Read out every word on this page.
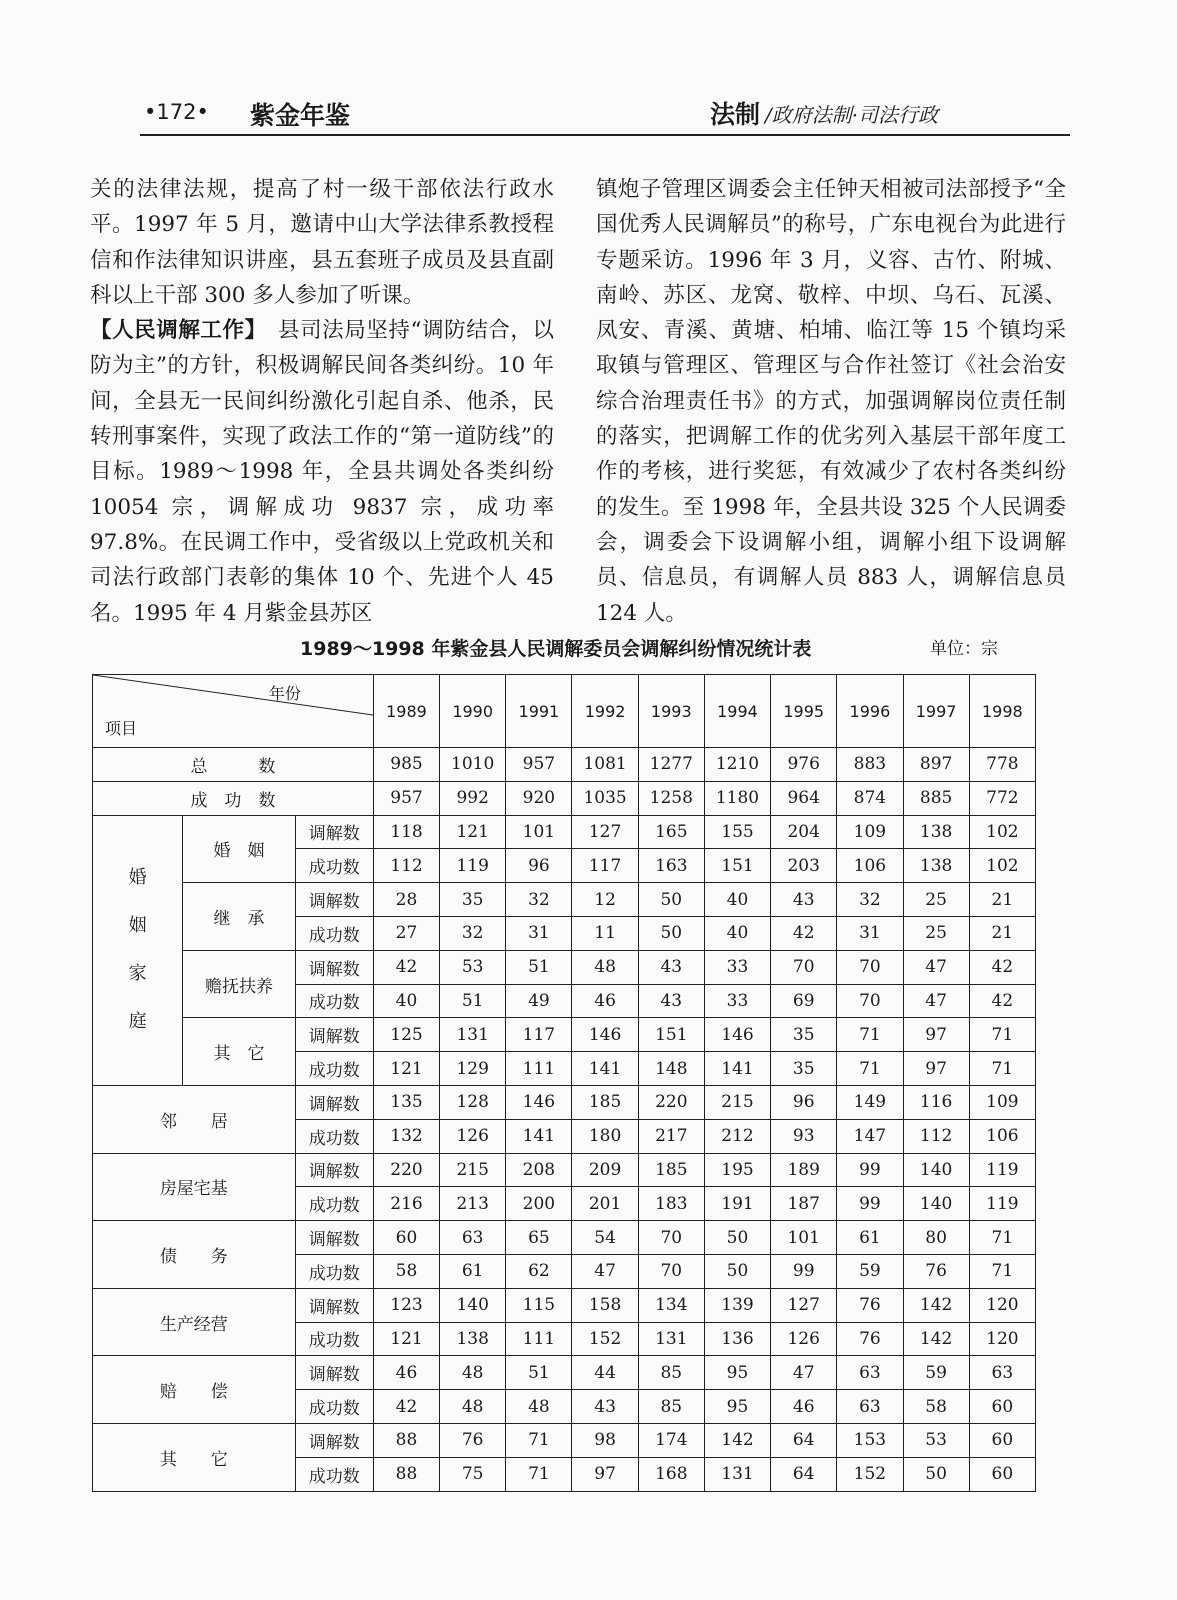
•172• 紫金年鉴	法制 /政府法制·司法行政

关的法律法规，提高了村一级干部依法行政水平。1997 年 5 月，邀请中山大学法律系教授程信和作法律知识讲座，县五套班子成员及县直副科以上干部 300 多人参加了听课。

【人民调解工作】　 县司法局坚持“调防结合，以防为主”的方针，积极调解民间各类纠纷。10 年间，全县无一民间纠纷激化引起自杀、他杀，民转刑事案件，实现了政法工作的“第一道防线”的目标。1989～1998 年，全县共调处各类纠纷 10054 宗，调解成功 9837 宗，成功率 97.8%。在民调工作中，受省级以上党政机关和司法行政部门表彰的集体 10 个、先进个人 45 名。1995 年 4 月紫金县苏区

镇炮子管理区调委会主任钟天相被司法部授予“全国优秀人民调解员”的称号，广东电视台为此进行专题采访。1996 年 3 月，义容、古竹、附城、南岭、苏区、龙窝、敬梓、中坝、乌石、瓦溪、凤安、青溪、黄塘、柏埔、临江等 15 个镇均采取镇与管理区、管理区与合作社签订《社会治安综合治理责任书》的方式，加强调解岗位责任制的落实，把调解工作的优劣列入基层干部年度工作的考核，进行奖惩，有效减少了农村各类纠纷的发生。至 1998 年，全县共设 325 个人民调委会，调委会下设调解小组，调解小组下设调解员、信息员，有调解人员 883 人，调解信息员 124 人。

1989～1998 年紫金县人民调解委员会调解纠纷情况统计表	单位：宗
年份
项目			1989	1990	1991	1992	1993	1994	1995	1996	1997	1998
总　　　数			985	1010	957	1081	1277	1210	976	883	897	778
成　功　数			957	992	920	1035	1258	1180	964	874	885	772

婚
姻
家
庭	婚　姻	调解数	118	121	101	127	165	155	204	109	138	102
		成功数	112	119	96	117	163	151	203	106	138	102
	继　承	调解数	28	35	32	12	50	40	43	32	25	21
		成功数	27	32	31	11	50	40	42	31	25	21
	赡抚扶养	调解数	42	53	51	48	43	33	70	70	47	42
		成功数	40	51	49	46	43	33	69	70	47	42
	其　它	调解数	125	131	117	146	151	146	35	71	97	71
		成功数	121	129	111	141	148	141	35	71	97	71
邻　　居		调解数	135	128	146	185	220	215	96	149	116	109
		成功数	132	126	141	180	217	212	93	147	112	106
房屋宅基		调解数	220	215	208	209	185	195	189	99	140	119
		成功数	216	213	200	201	183	191	187	99	140	119
债　　务		调解数	60	63	65	54	70	50	101	61	80	71
		成功数	58	61	62	47	70	50	99	59	76	71
生产经营		调解数	123	140	115	158	134	139	127	76	142	120
		成功数	121	138	111	152	131	136	126	76	142	120
赔　　偿		调解数	46	48	51	44	85	95	47	63	59	63
		成功数	42	48	48	43	85	95	46	63	58	60
其　　它		调解数	88	76	71	98	174	142	64	153	53	60
		成功数	88	75	71	97	168	131	64	152	50	60
